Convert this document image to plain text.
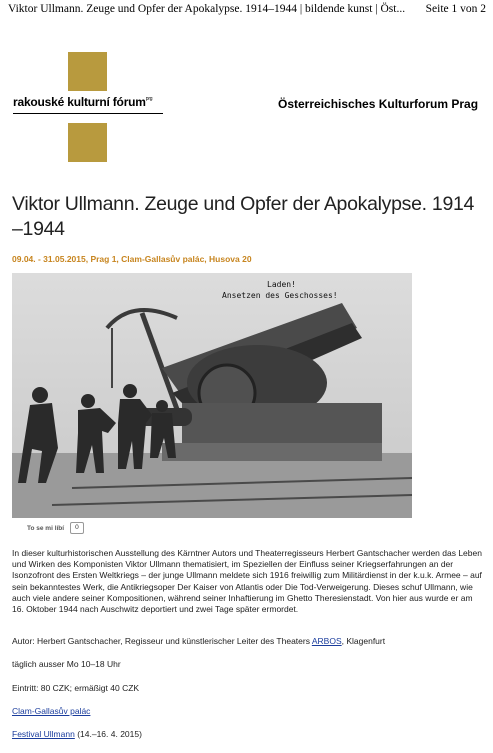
Viktor Ullmann. Zeuge und Opfer der Apokalypse. 1914–1944 | bildende kunst | Öst... Seite 1 von 2
rakouské kulturní fórum$^{prg}$	Österreichisches Kulturforum Prag
Viktor Ullmann. Zeuge und Opfer der Apokalypse. 1914 –1944
09.04. - 31.05.2015, Prag 1, Clam-Gallasův palác, Husova 20
Laden!
Ansetzen des Geschosses!
To se mi líbí	0

In dieser kulturhistorischen Ausstellung des Kärntner Autors und Theaterregisseurs Herbert Gantschacher werden das Leben und Wirken des Komponisten Viktor Ullmann thematisiert, im Speziellen der Einfluss seiner Kriegserfahrungen an der Isonzofront des Ersten Weltkriegs – der junge Ullmann meldete sich 1916 freiwillig zum Militärdienst in der k.u.k. Armee – auf sein bekanntestes Werk, die Antikriegsoper Der Kaiser von Atlantis oder Die Tod-Verweigerung. Dieses schuf Ullmann, wie auch viele andere seiner Kompositionen, während seiner Inhaftierung im Ghetto Theresienstadt. Von hier aus wurde er am 16. Oktober 1944 nach Auschwitz deportiert und zwei Tage später ermordet.

Autor: Herbert Gantschacher, Regisseur und künstlerischer Leiter des Theaters ARBOS, Klagenfurt

täglich ausser Mo 10–18 Uhr

Eintritt: 80 CZK; ermäßigt 40 CZK

Clam-Gallasův palác

Festival Ullmann (14.–16. 4. 2015)
